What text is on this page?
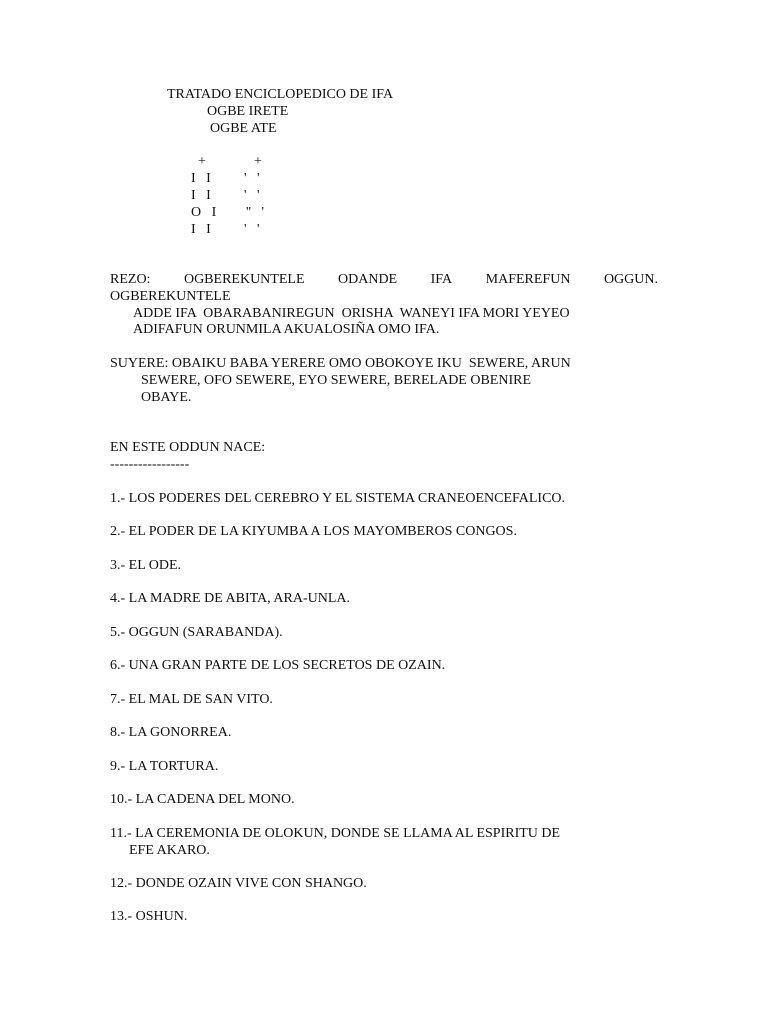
TRATADO ENCICLOPEDICO DE IFA
OGBE IRETE
OGBE ATE
+	+
I   I '   '
I   I '   '
O   I ''   '
I   I '   '
REZO: OGBEREKUNTELE ODANDE IFA MAFEREFUN OGGUN.
OGBEREKUNTELE
ADDE IFA  OBARABANIREGUN  ORISHA  WANEYI IFA MORI YEYEO
ADIFAFUN ORUNMILA AKUALOSIÑA OMO IFA.
SUYERE: OBAIKU BABA YERERE OMO OBOKOYE IKU  SEWERE, ARUN
SEWERE, OFO SEWERE, EYO SEWERE, BERELADE OBENIRE
OBAYE.
EN ESTE ODDUN NACE:
-----------------
1.- LOS PODERES DEL CEREBRO Y EL SISTEMA CRANEOENCEFALICO.
2.- EL PODER DE LA KIYUMBA A LOS MAYOMBEROS CONGOS.
3.- EL ODE.
4.- LA MADRE DE ABITA, ARA-UNLA.
5.- OGGUN (SARABANDA).
6.- UNA GRAN PARTE DE LOS SECRETOS DE OZAIN.
7.- EL MAL DE SAN VITO.
8.- LA GONORREA.
9.- LA TORTURA.
10.- LA CADENA DEL MONO.
11.- LA CEREMONIA DE OLOKUN, DONDE SE LLAMA AL ESPIRITU DE
EFE AKARO.
12.- DONDE OZAIN VIVE CON SHANGO.
13.- OSHUN.
